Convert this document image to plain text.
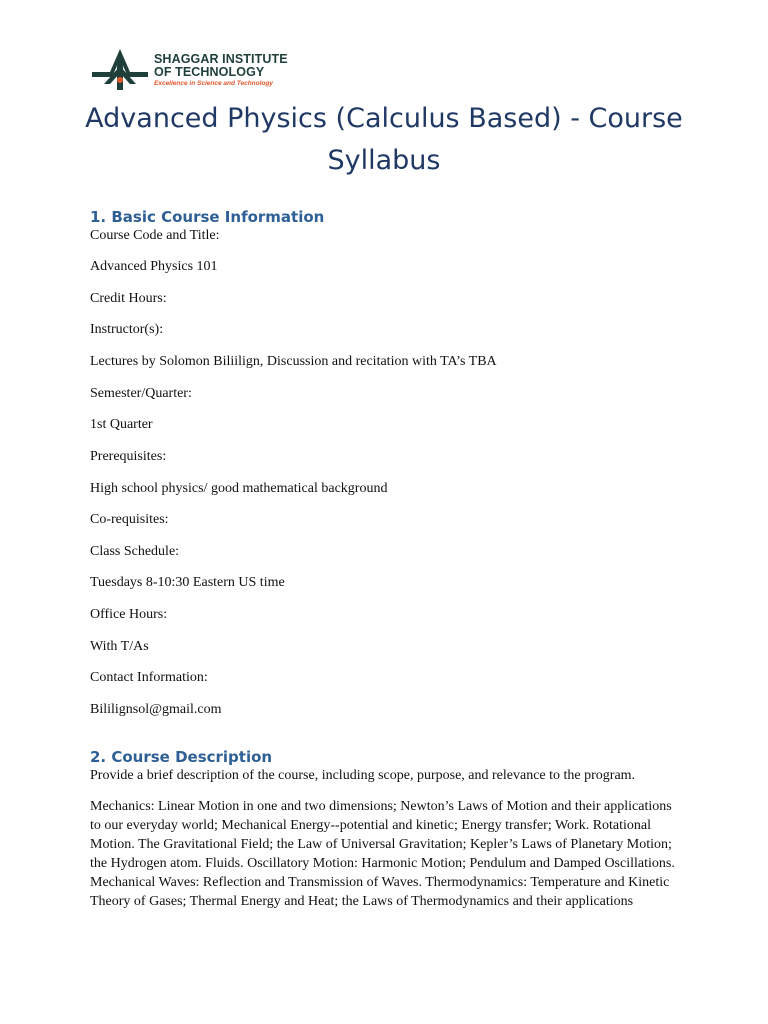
SHAGGAR INSTITUTE
OF TECHNOLOGY
Excellence in Science and Technology
Advanced Physics (Calculus Based) - Course Syllabus
1. Basic Course Information

Course Code and Title:

Advanced Physics 101

Credit Hours:

Instructor(s):

Lectures by Solomon Biliilign, Discussion and recitation with TA’s TBA

Semester/Quarter:

1st Quarter

Prerequisites:

High school physics/ good mathematical background

Co-requisites:

Class Schedule:

Tuesdays 8-10:30 Eastern US time

Office Hours:

With T/As

Contact Information:

Bililignsol@gmail.com

2. Course Description

Provide a brief description of the course, including scope, purpose, and relevance to the program.

Mechanics: Linear Motion in one and two dimensions; Newton’s Laws of Motion and their applications to our everyday world; Mechanical Energy--potential and kinetic; Energy transfer; Work. Rotational Motion. The Gravitational Field; the Law of Universal Gravitation; Kepler’s Laws of Planetary Motion; the Hydrogen atom. Fluids. Oscillatory Motion: Harmonic Motion; Pendulum and Damped Oscillations. Mechanical Waves: Reflection and Transmission of Waves. Thermodynamics: Temperature and Kinetic Theory of Gases; Thermal Energy and Heat; the Laws of Thermodynamics and their applications
